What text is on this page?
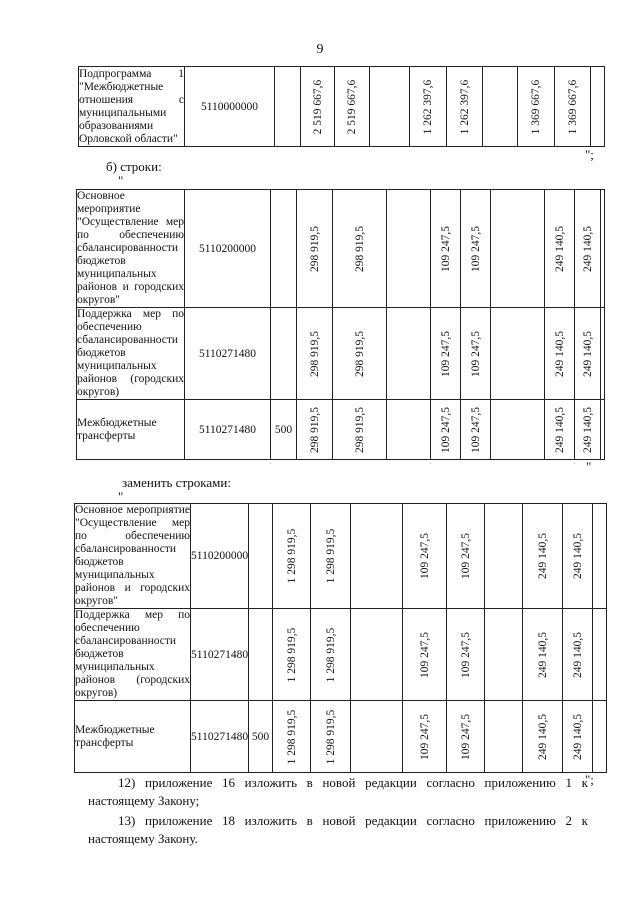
9
Подпрограмма 1 "Межбюджетные отношения с муниципальными образованиями Орловской области"	5110000000		2 519 667,6	2 519 667,6		1 262 397,6	1 262 397,6		1 369 667,6	1 369 667,6

";
б) строки:
"
Основное мероприятие "Осуществление мер по обеспечению сбалансированности бюджетов муниципальных районов и городских округов"	5110200000		298 919,5	298 919,5		109 247,5	109 247,5		249 140,5	249 140,5	

Поддержка мер по обеспечению сбалансированности бюджетов муниципальных районов (городских округов)	5110271480		298 919,5	298 919,5		109 247,5	109 247,5		249 140,5	249 140,5	

Межбюджетные трансферты	5110271480	500	298 919,5	298 919,5		109 247,5	109 247,5		249 140,5	249 140,5	

"
заменить строками:
"
Основное мероприятие "Осуществление мер по обеспечению сбалансированности бюджетов муниципальных районов и городских округов"	5110200000		1 298 919,5	1 298 919,5		109 247,5	109 247,5		249 140,5	249 140,5	

Поддержка мер по обеспечению сбалансированности бюджетов муниципальных районов (городских округов)	5110271480		1 298 919,5	1 298 919,5		109 247,5	109 247,5		249 140,5	249 140,5	

Межбюджетные трансферты	5110271480	500	1 298 919,5	1 298 919,5		109 247,5	109 247,5		249 140,5	249 140,5	

";

12) приложение 16 изложить в новой редакции согласно приложению 1 к настоящему Закону;

13) приложение 18 изложить в новой редакции согласно приложению 2 к настоящему Закону.
